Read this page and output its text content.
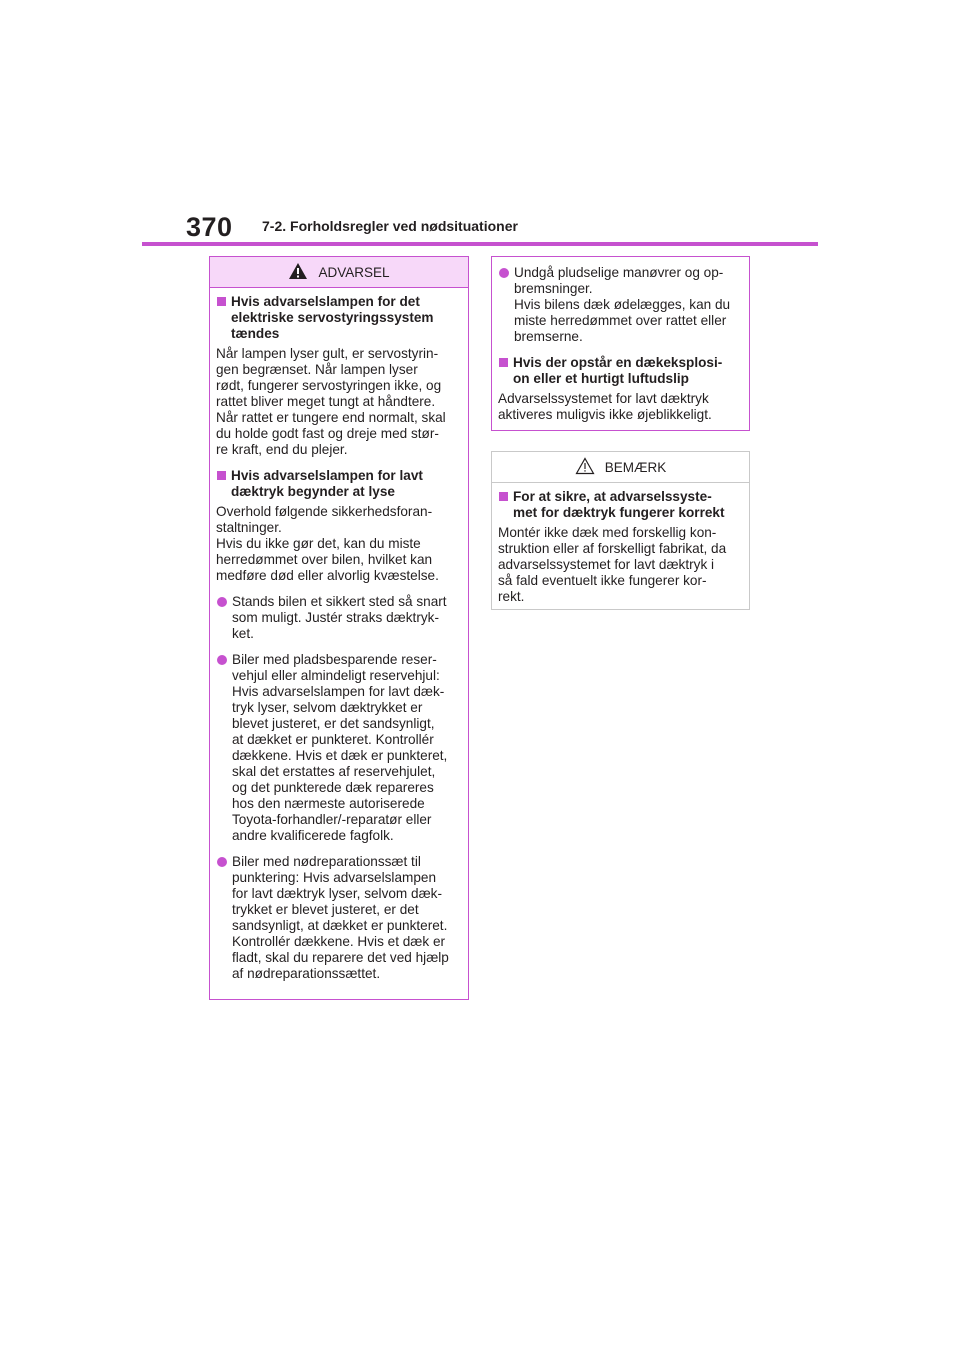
370 7-2. Forholdsregler ved nødsituationer
ADVARSEL
Hvis advarselslampen for det
elektriske servostyringssystem
tændes
Når lampen lyser gult, er servostyrin-
gen begrænset. Når lampen lyser
rødt, fungerer servostyringen ikke, og
rattet bliver meget tungt at håndtere.
Når rattet er tungere end normalt, skal
du holde godt fast og dreje med stør-
re kraft, end du plejer.
Hvis advarselslampen for lavt
dæktryk begynder at lyse
Overhold følgende sikkerhedsforan-
staltninger.
Hvis du ikke gør det, kan du miste
herredømmet over bilen, hvilket kan
medføre død eller alvorlig kvæstelse.
Stands bilen et sikkert sted så snart
som muligt. Justér straks dæktryk-
ket.
Biler med pladsbesparende reser-
vehjul eller almindeligt reservehjul:
Hvis advarselslampen for lavt dæk-
tryk lyser, selvom dæktrykket er
blevet justeret, er det sandsynligt,
at dækket er punkteret. Kontrollér
dækkene. Hvis et dæk er punkteret,
skal det erstattes af reservehjulet,
og det punkterede dæk repareres
hos den nærmeste autoriserede
Toyota-forhandler/-reparatør eller
andre kvalificerede fagfolk.
Biler med nødreparationssæt til
punktering: Hvis advarselslampen
for lavt dæktryk lyser, selvom dæk-
trykket er blevet justeret, er det
sandsynligt, at dækket er punkteret.
Kontrollér dækkene. Hvis et dæk er
fladt, skal du reparere det ved hjælp
af nødreparationssættet.
Undgå pludselige manøvrer og op-
bremsninger.
Hvis bilens dæk ødelægges, kan du
miste herredømmet over rattet eller
bremserne.
Hvis der opstår en dækeksplosi-
on eller et hurtigt luftudslip
Advarselssystemet for lavt dæktryk
aktiveres muligvis ikke øjeblikkeligt.
BEMÆRK
For at sikre, at advarselssyste-
met for dæktryk fungerer korrekt
Montér ikke dæk med forskellig kon-
struktion eller af forskelligt fabrikat, da
advarselssystemet for lavt dæktryk i
så fald eventuelt ikke fungerer kor-
rekt.
